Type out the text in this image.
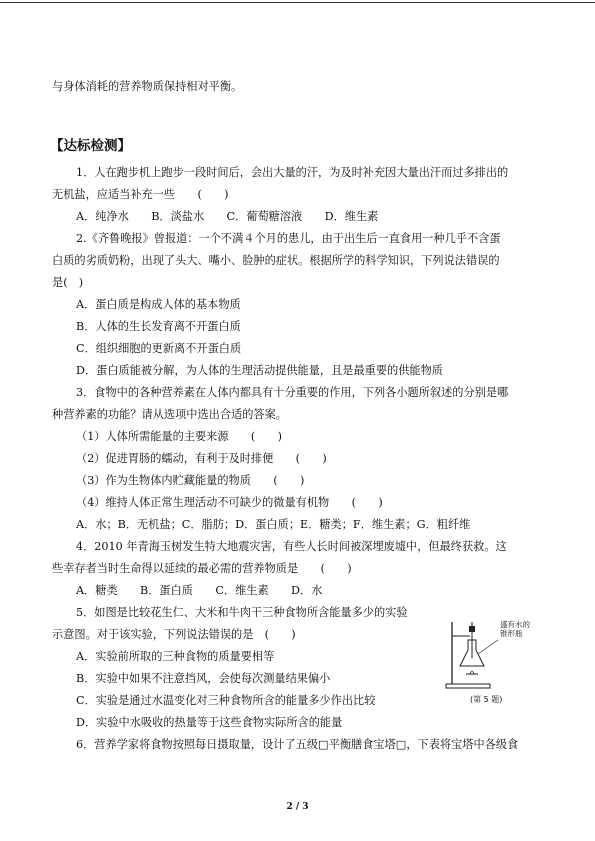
与身体消耗的营养物质保持相对平衡。
【达标检测】
1．人在跑步机上跑步一段时间后，会出大量的汗，为及时补充因大量出汗而过多排出的
无机盐，应适当补充一些　　(　　)
A．纯净水　　B．淡盐水　　C．葡萄糖溶液　　D．维生素
2.《齐鲁晚报》曾报道：一个不满４个月的患儿，由于出生后一直食用一种几乎不含蛋
白质的劣质奶粉，出现了头大、嘴小、脸肿的症状。根据所学的科学知识，下列说法错误的
是(　)
A．蛋白质是构成人体的基本物质
B．人体的生长发育离不开蛋白质
C．组织细胞的更新离不开蛋白质
D．蛋白质能被分解，为人体的生理活动提供能量，且是最重要的供能物质
3．食物中的各种营养素在人体内都具有十分重要的作用，下列各小题所叙述的分别是哪
种营养素的功能？请从选项中选出合适的答案。
（1）人体所需能量的主要来源　　(　　)
（2）促进胃肠的蠕动，有利于及时排便　　(　　)
（3）作为生物体内贮藏能量的物质　　(　　)
（4）维持人体正常生理活动不可缺少的微量有机物　　(　　)
A．水；B．无机盐；C．脂肪；D．蛋白质；E．糖类；F．维生素；G．粗纤维
4．2010 年青海玉树发生特大地震灾害，有些人长时间被深埋废墟中，但最终获救。这
些幸存者当时生命得以延续的最必需的营养物质是　　(　　)
A．糖类　　B．蛋白质　　C．维生素　　D．水
5．如图是比较花生仁、大米和牛肉干三种食物所含能量多少的实验
示意图。对于该实验，下列说法错误的是　(　　)
A．实验前所取的三种食物的质量要相等
B．实验中如果不注意挡风，会使每次测量结果偏小
C．实验是通过水温变化对三种食物所含的能量多少作出比较
D．实验中水吸收的热量等于这些食物实际所含的能量
6．营养学家将食物按照每日摄取量，设计了五级□平衡膳食宝塔□，下表将宝塔中各级食
盛有水的
锥形瓶
(第 5 题)
2 / 3
